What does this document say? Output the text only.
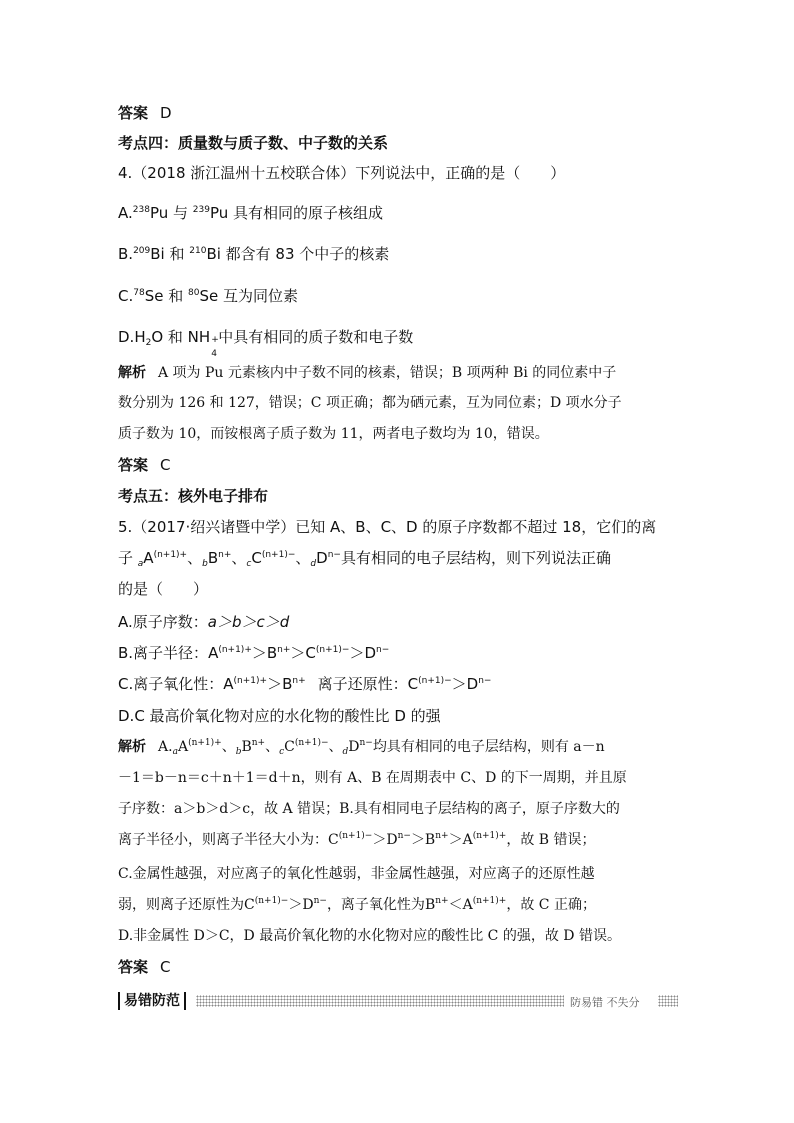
答案 D
考点四：质量数与质子数、中子数的关系
4.（2018 浙江温州十五校联合体）下列说法中，正确的是（　　）
A.$^{238}$Pu 与 $^{239}$Pu 具有相同的原子核组成
B.$^{209}$Bi 和 $^{210}$Bi 都含有 83 个中子的核素
C.$^{78}$Se 和 $^{80}$Se 互为同位素
$D.H_2O$ 和 NH +
4
中具有相同的质子数和电子数
解析 A 项为 Pu 元素核内中子数不同的核素，错误；B 项两种 Bi 的同位素中子
数分别为 126 和 127，错误；C 项正确；都为硒元素，互为同位素；D 项水分子
质子数为 10，而铵根离子质子数为 11，两者电子数均为 10，错误。
答案 C
考点五：核外电子排布
5.（2017·绍兴诸暨中学）已知 A、B、C、D 的原子序数都不超过 18，它们的离
子 $_aA^{(n+1)+}$、$_bB^{n+}$、$_cC^{(n+1)-}$、$_dD^{n-}$具有相同的电子层结构，则下列说法正确
的是（　　）
A.原子序数：a＞b＞c＞d
B.离子半径：$A^{(n+1)+}>B^{n+}>C^{(n+1)-}>D^{n-}$
C.离子氧化性：$A^{(n+1)+}>B^{n+}$ 离子还原性：$C^{(n+1)-}>D^{n-}$
D.C 最高价氧化物对应的水化物的酸性比 D 的强
解析 $A._aA^{(n+1)+}$、$_bB^{n+}$、$_cC^{(n+1)-}$、$_dD^{n-}$均具有相同的电子层结构，则有 a－n
－1＝b－n＝c＋n＋1＝d＋n，则有 A、B 在周期表中 C、D 的下一周期，并且原
子序数：a＞b＞d＞c，故 A 错误；B.具有相同电子层结构的离子，原子序数大的
离子半径小，则离子半径大小为：$C^{(n+1)-}>D^{n-}>B^{n+}>A^{(n+1)+}$，故 B 错误；
C.金属性越强，对应离子的氧化性越弱，非金属性越强，对应离子的还原性越
弱，则离子还原性为$C^{(n+1)-}>D^{n-}$，离子氧化性为$B^{n+}<A^{(n+1)+}$，故 C 正确；
D.非金属性 D＞C，D 最高价氧化物的水化物对应的酸性比 C 的强，故 D 错误。
答案 C
易错防范	防易错 不失分
